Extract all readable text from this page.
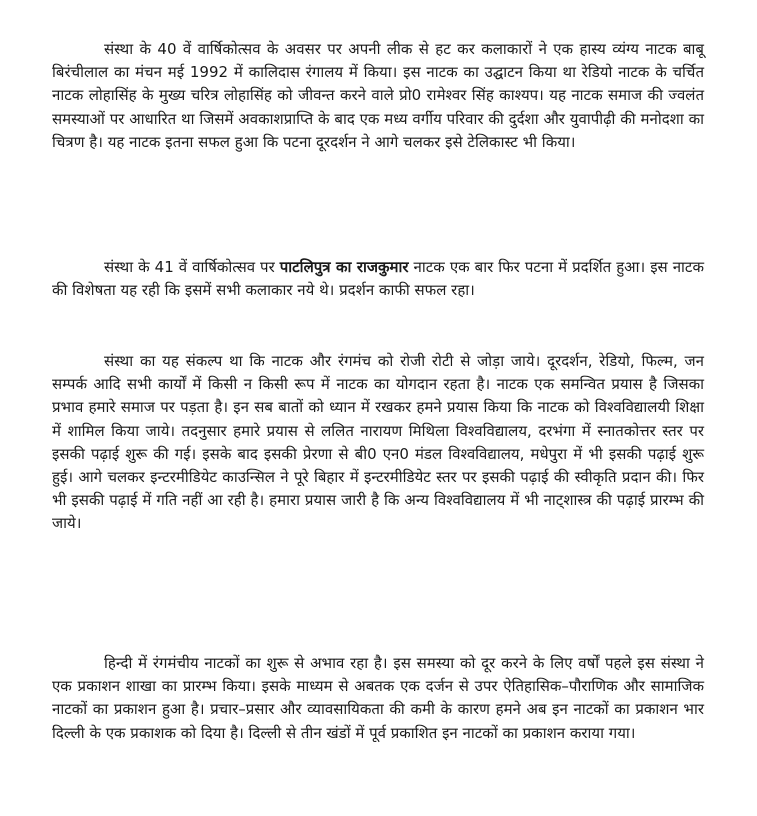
संस्था के 40 वें वार्षिकोत्सव के अवसर पर अपनी लीक से हट कर कलाकारों ने एक हास्य व्यंग्य नाटक बाबू बिरंचीलाल का मंचन मई 1992 में कालिदास रंगालय में किया। इस नाटक का उद्घाटन किया था रेडियो नाटक के चर्चित नाटक लोहासिंह के मुख्य चरित्र लोहासिंह को जीवन्त करने वाले प्रो0 रामेश्वर सिंह काश्यप। यह नाटक समाज की ज्वलंत समस्याओं पर आधारित था जिसमें अवकाशप्राप्ति के बाद एक मध्य वर्गीय परिवार की दुर्दशा और युवापीढ़ी की मनोदशा का चित्रण है। यह नाटक इतना सफल हुआ कि पटना दूरदर्शन ने आगे चलकर इसे टेलिकास्ट भी किया।

संस्था के 41 वें वार्षिकोत्सव पर पाटलिपुत्र का राजकुमार नाटक एक बार फिर पटना में प्रदर्शित हुआ। इस नाटक की विशेषता यह रही कि इसमें सभी कलाकार नये थे। प्रदर्शन काफी सफल रहा।

संस्था का यह संकल्प था कि नाटक और रंगमंच को रोजी रोटी से जोड़ा जाये। दूरदर्शन, रेडियो, फिल्म, जन सम्पर्क आदि सभी कार्यों में किसी न किसी रूप में नाटक का योगदान रहता है। नाटक एक समन्वित प्रयास है जिसका प्रभाव हमारे समाज पर पड़ता है। इन सब बातों को ध्यान में रखकर हमने प्रयास किया कि नाटक को विश्वविद्यालयी शिक्षा में शामिल किया जाये। तदनुसार हमारे प्रयास से ललित नारायण मिथिला विश्वविद्यालय, दरभंगा में स्नातकोत्तर स्तर पर इसकी पढ़ाई शुरू की गई। इसके बाद इसकी प्रेरणा से बी0 एन0 मंडल विश्वविद्यालय, मधेपुरा में भी इसकी पढ़ाई शुरू हुई। आगे चलकर इन्टरमीडियेट काउन्सिल ने पूरे बिहार में इन्टरमीडियेट स्तर पर इसकी पढ़ाई की स्वीकृति प्रदान की। फिर भी इसकी पढ़ाई में गति नहीं आ रही है। हमारा प्रयास जारी है कि अन्य विश्वविद्यालय में भी नाट्शास्त्र की पढ़ाई प्रारम्भ की जाये।

हिन्दी में रंगमंचीय नाटकों का शुरू से अभाव रहा है। इस समस्या को दूर करने के लिए वर्षों पहले इस संस्था ने एक प्रकाशन शाखा का प्रारम्भ किया। इसके माध्यम से अबतक एक दर्जन से उपर ऐतिहासिक–पौराणिक और सामाजिक नाटकों का प्रकाशन हुआ है। प्रचार–प्रसार और व्यावसायिकता की कमी के कारण हमने अब इन नाटकों का प्रकाशन भार दिल्ली के एक प्रकाशक को दिया है। दिल्ली से तीन खंडों में पूर्व प्रकाशित इन नाटकों का प्रकाशन कराया गया।
